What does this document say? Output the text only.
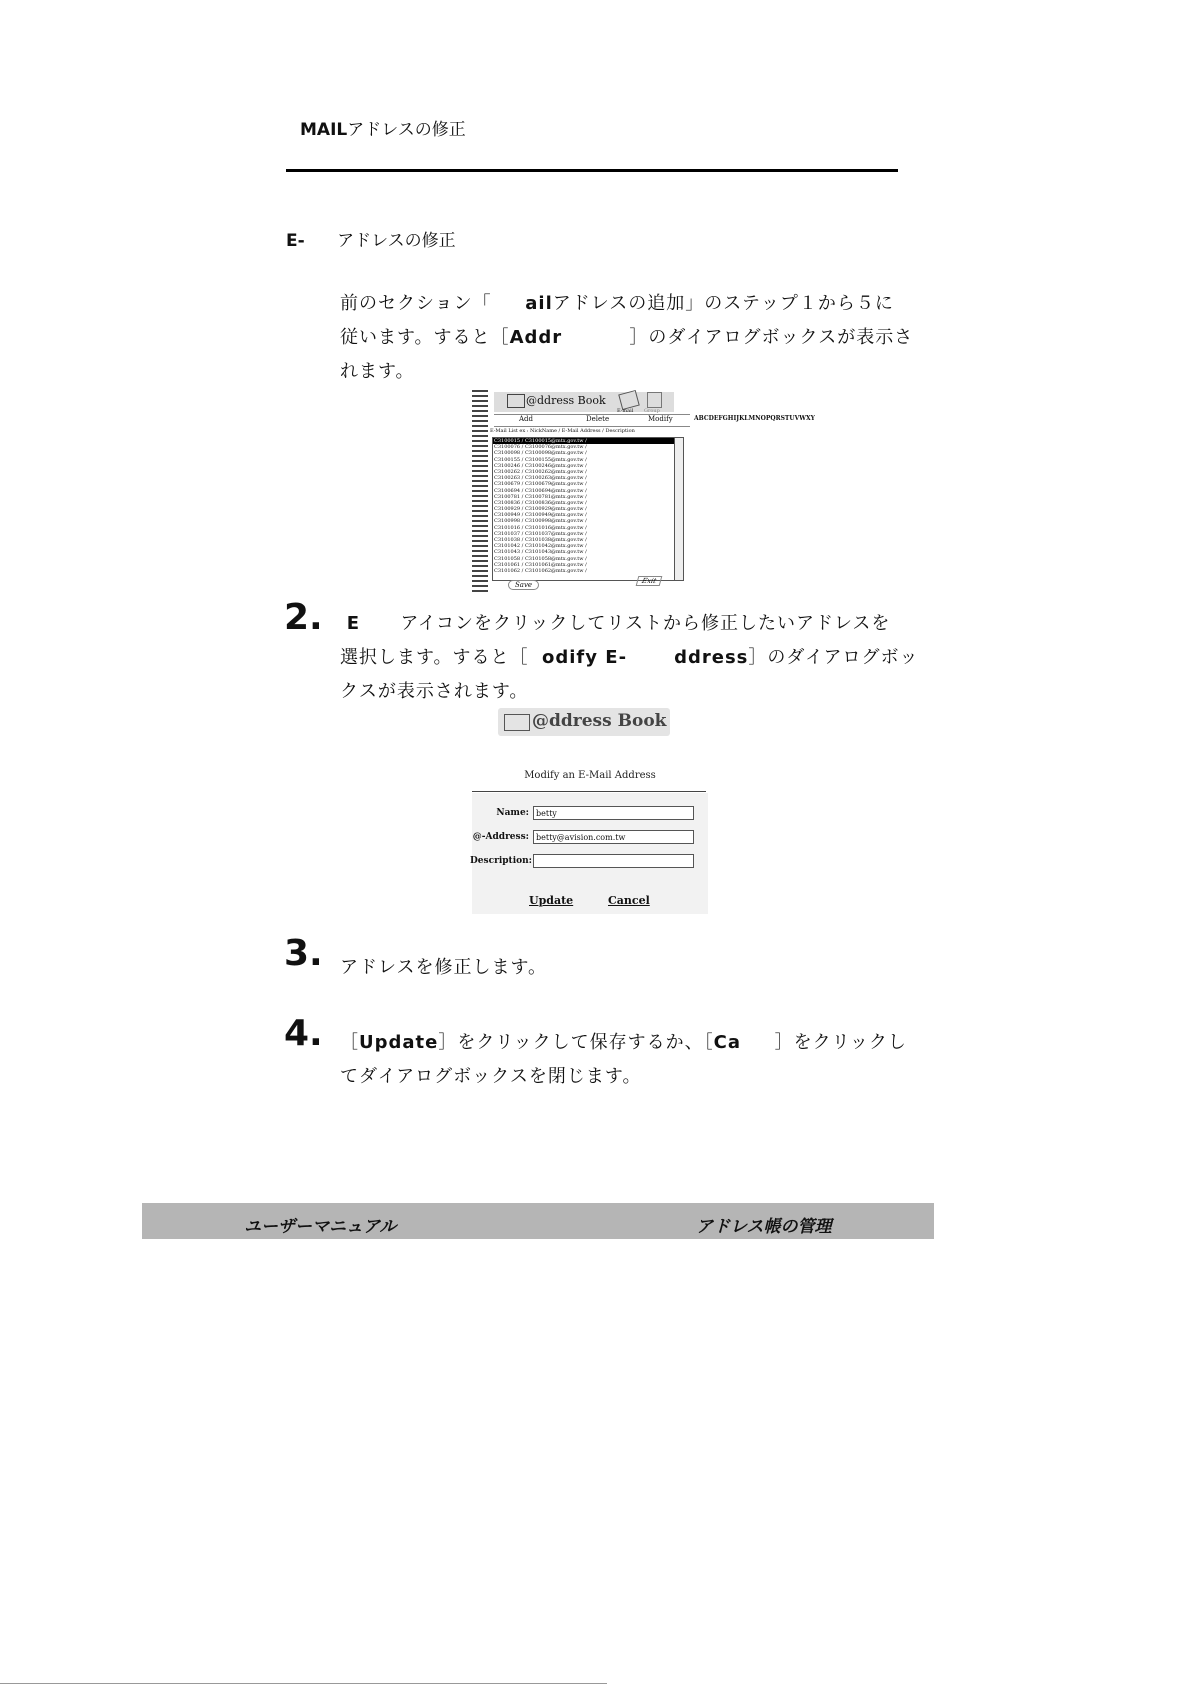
MAILアドレスの修正
E- アドレスの修正
前のセクション「 ailアドレスの追加」のステップ１から５に
従います。すると［Addr	］のダイアログボックスが表示さ
れます。
@ddress Book
E-mail Group
Add	Delete	Modify
E-Mail List ex : NickName / E-Mail Address / Description
C3100015 / C3100015@mtx.gov.tw /
C3100076 / C3100076@mtx.gov.tw /
C3100098 / C3100098@mtx.gov.tw /
C3100155 / C3100155@mtx.gov.tw /
C3100246 / C3100246@mtx.gov.tw /
C3100262 / C3100262@mtx.gov.tw /
C3100263 / C3100263@mtx.gov.tw /
C3100679 / C3100679@mtx.gov.tw /
C3100694 / C3100694@mtx.gov.tw /
C3100781 / C3100781@mtx.gov.tw /
C3100836 / C3100836@mtx.gov.tw /
C3100929 / C3100929@mtx.gov.tw /
C3100949 / C3100949@mtx.gov.tw /
C3100998 / C3100998@mtx.gov.tw /
C3101016 / C3101016@mtx.gov.tw /
C3101037 / C3101037@mtx.gov.tw /
C3101038 / C3101038@mtx.gov.tw /
C3101042 / C3101042@mtx.gov.tw /
C3101043 / C3101043@mtx.gov.tw /
C3101058 / C3101058@mtx.gov.tw /
C3101061 / C3101061@mtx.gov.tw /
C3101062 / C3101062@mtx.gov.tw /
ABCDEFGHIJKLMNOPQRSTUVWXY
Save	Exit
2.	E アイコンをクリックしてリストから修正したいアドレスを
選択します。すると［ odify E-	ddress］のダイアログボッ
クスが表示されます。
@ddress Book
Modify an E-Mail Address
Name: betty
@-Address: betty@avision.com.tw
Description:
Update	Cancel
3. アドレスを修正します。
4. ［Update］をクリックして保存するか、［Ca ］をクリックし
てダイアログボックスを閉じます。
ユーザーマニュアル	アドレス帳の管理
